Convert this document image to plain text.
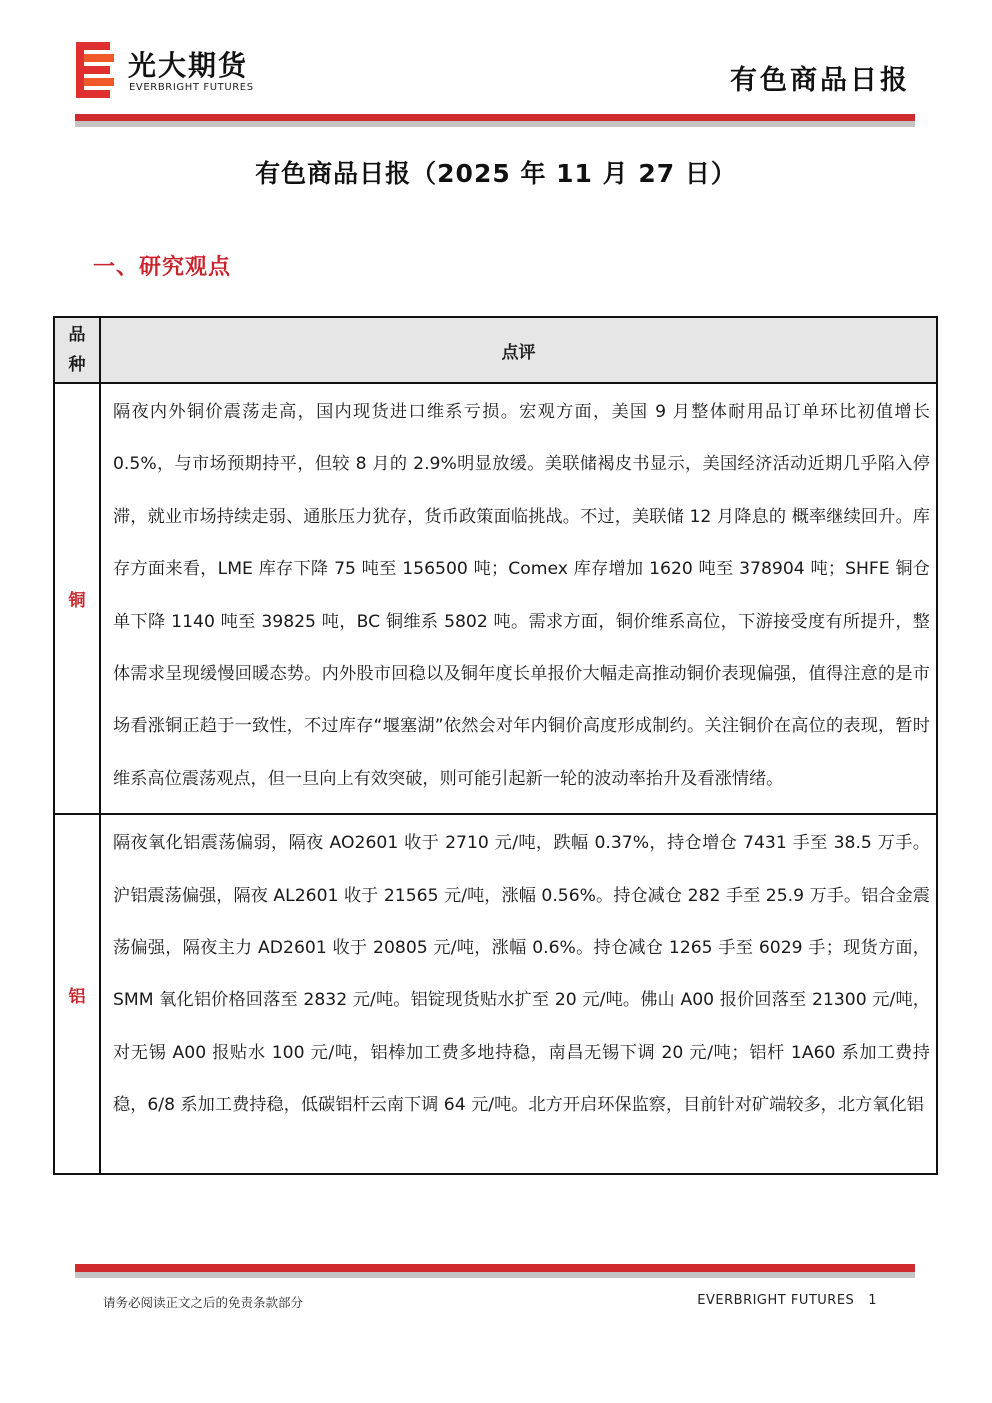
光大期货
EVERBRIGHT FUTURES	有色商品日报
有色商品日报（2025 年 11 月 27 日）
一、研究观点
品种	点评
铜	隔夜内外铜价震荡走高，国内现货进口维系亏损。宏观方面，美国 9 月整体耐用品订单环比初值增长 0.5%，与市场预期持平，但较 8 月的 2.9%明显放缓。美联储褐皮书显示，美国经济活动近期几乎陷入停滞，就业市场持续走弱、通胀压力犹存，货币政策面临挑战。不过，美联储 12 月降息的 概率继续回升。库存方面来看，LME 库存下降 75 吨至 156500 吨；Comex 库存增加 1620 吨至 378904 吨；SHFE 铜仓单下降 1140 吨至 39825 吨，BC 铜维系 5802 吨。需求方面，铜价维系高位，下游接受度有所提升，整体需求呈现缓慢回暖态势。内外股市回稳以及铜年度长单报价大幅走高推动铜价表现偏强，值得注意的是市场看涨铜正趋于一致性，不过库存“堰塞湖”依然会对年内铜价高度形成制约。关注铜价在高位的表现，暂时维系高位震荡观点，但一旦向上有效突破，则可能引起新一轮的波动率抬升及看涨情绪。
铝	隔夜氧化铝震荡偏弱，隔夜 AO2601 收于 2710 元/吨，跌幅 0.37%，持仓增仓 7431 手至 38.5 万手。沪铝震荡偏强，隔夜 AL2601 收于 21565 元/吨，涨幅 0.56%。持仓减仓 282 手至 25.9 万手。铝合金震荡偏强，隔夜主力 AD2601 收于 20805 元/吨，涨幅 0.6%。持仓减仓 1265 手至 6029 手；现货方面，SMM 氧化铝价格回落至 2832 元/吨。铝锭现货贴水扩至 20 元/吨。佛山 A00 报价回落至 21300 元/吨，对无锡 A00 报贴水 100 元/吨，铝棒加工费多地持稳，南昌无锡下调 20 元/吨；铝杆 1A60 系加工费持稳，6/8 系加工费持稳，低碳铝杆云南下调 64 元/吨。北方开启环保监察，目前针对矿端较多，北方氧化铝
请务必阅读正文之后的免责条款部分	EVERBRIGHT FUTURES 1
